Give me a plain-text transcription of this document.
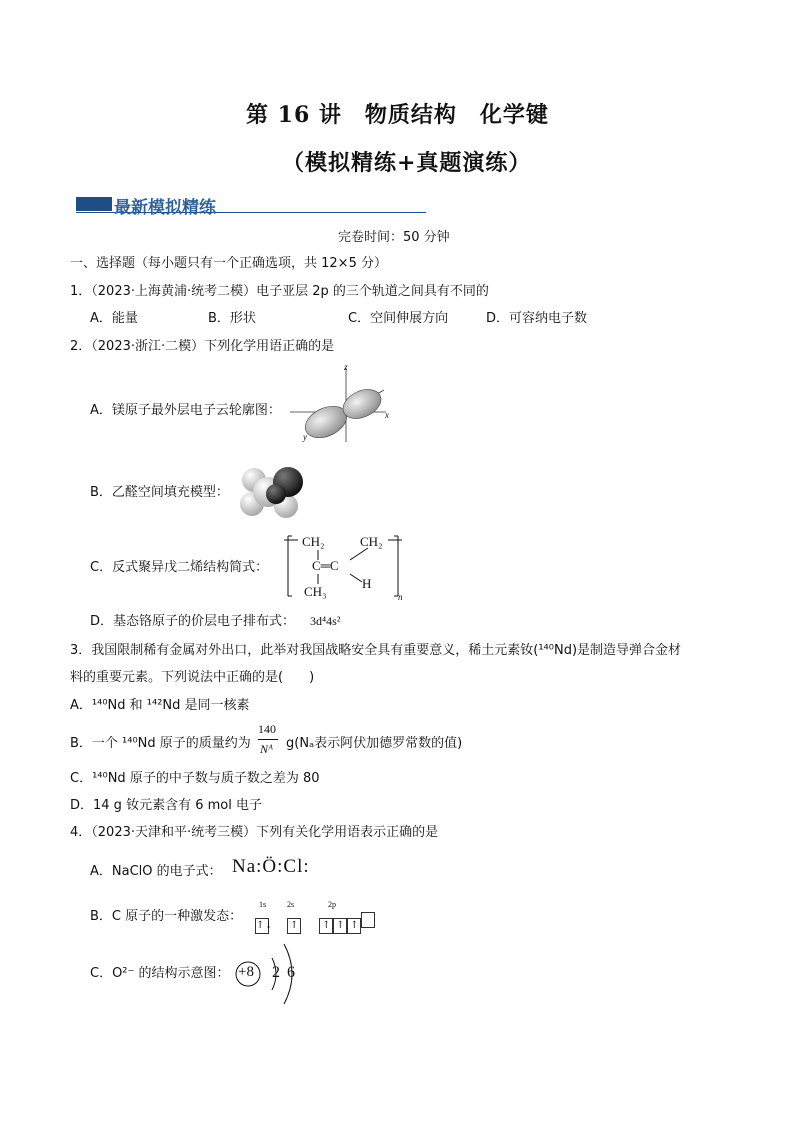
第 16 讲　物质结构　化学键
（模拟精练+真题演练）
最新模拟精练
完卷时间：50 分钟
一、选择题（每小题只有一个正确选项，共 12×5 分）
1．（2023·上海黄浦·统考二模）电子亚层 2p 的三个轨道之间具有不同的
A．能量	B．形状	C．空间伸展方向	D．可容纳电子数
2．（2023·浙江·二模）下列化学用语正确的是
A．镁原子最外层电子云轮廓图：
z
x
y
B．乙醛空间填充模型：
C．反式聚异戊二烯结构简式：
CH₂	CH₂
C═C
CH₃
H
n
D．基态铬原子的价层电子排布式： 3d⁴4s²
3．我国限制稀有金属对外出口，此举对我国战略安全具有重要意义，稀土元素钕(¹⁴⁰Nd)是制造导弹合金材
料的重要元素。下列说法中正确的是(　　)
A．¹⁴⁰Nd 和 ¹⁴²Nd 是同一核素
B．一个 ¹⁴⁰Nd 原子的质量约为
140
Nᴬ g(Nₐ表示阿伏加德罗常数的值)
C．¹⁴⁰Nd 原子的中子数与质子数之差为 80
D．14 g 钕元素含有 6 mol 电子
4．（2023·天津和平·统考三模）下列有关化学用语表示正确的是
A．NaClO 的电子式： Na:Ö:Cl:
B．C 原子的一种激发态：
1s	2s	2p
↑↓ ↑ ↑ ↑ ↑
C．O²⁻ 的结构示意图： +8 2 6
